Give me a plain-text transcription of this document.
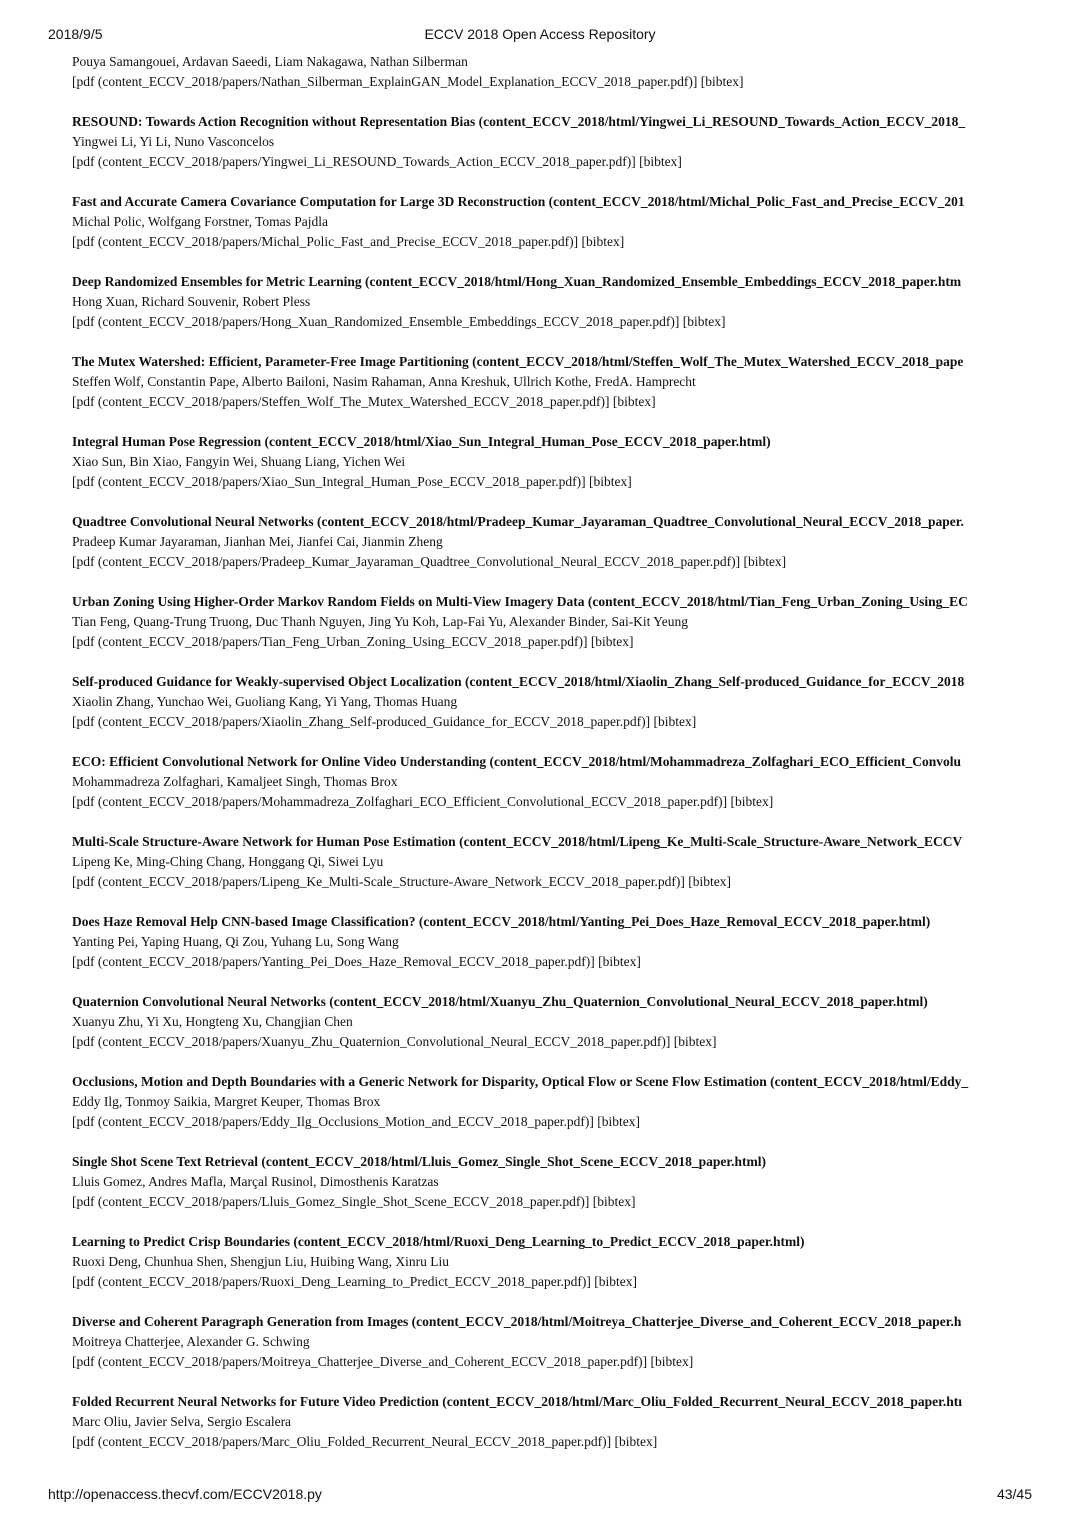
2018/9/5	ECCV 2018 Open Access Repository
Pouya Samangouei, Ardavan Saeedi, Liam Nakagawa, Nathan Silberman
[pdf (content_ECCV_2018/papers/Nathan_Silberman_ExplainGAN_Model_Explanation_ECCV_2018_paper.pdf)] [bibtex]
RESOUND: Towards Action Recognition without Representation Bias (content_ECCV_2018/html/Yingwei_Li_RESOUND_Towards_Action_ECCV_2018_
Yingwei Li, Yi Li, Nuno Vasconcelos
[pdf (content_ECCV_2018/papers/Yingwei_Li_RESOUND_Towards_Action_ECCV_2018_paper.pdf)] [bibtex]
Fast and Accurate Camera Covariance Computation for Large 3D Reconstruction (content_ECCV_2018/html/Michal_Polic_Fast_and_Precise_ECCV_201
Michal Polic, Wolfgang Forstner, Tomas Pajdla
[pdf (content_ECCV_2018/papers/Michal_Polic_Fast_and_Precise_ECCV_2018_paper.pdf)] [bibtex]
Deep Randomized Ensembles for Metric Learning (content_ECCV_2018/html/Hong_Xuan_Randomized_Ensemble_Embeddings_ECCV_2018_paper.htm
Hong Xuan, Richard Souvenir, Robert Pless
[pdf (content_ECCV_2018/papers/Hong_Xuan_Randomized_Ensemble_Embeddings_ECCV_2018_paper.pdf)] [bibtex]
The Mutex Watershed: Efficient, Parameter-Free Image Partitioning (content_ECCV_2018/html/Steffen_Wolf_The_Mutex_Watershed_ECCV_2018_pape
Steffen Wolf, Constantin Pape, Alberto Bailoni, Nasim Rahaman, Anna Kreshuk, Ullrich Kothe, FredA. Hamprecht
[pdf (content_ECCV_2018/papers/Steffen_Wolf_The_Mutex_Watershed_ECCV_2018_paper.pdf)] [bibtex]
Integral Human Pose Regression (content_ECCV_2018/html/Xiao_Sun_Integral_Human_Pose_ECCV_2018_paper.html)
Xiao Sun, Bin Xiao, Fangyin Wei, Shuang Liang, Yichen Wei
[pdf (content_ECCV_2018/papers/Xiao_Sun_Integral_Human_Pose_ECCV_2018_paper.pdf)] [bibtex]
Quadtree Convolutional Neural Networks (content_ECCV_2018/html/Pradeep_Kumar_Jayaraman_Quadtree_Convolutional_Neural_ECCV_2018_paper.
Pradeep Kumar Jayaraman, Jianhan Mei, Jianfei Cai, Jianmin Zheng
[pdf (content_ECCV_2018/papers/Pradeep_Kumar_Jayaraman_Quadtree_Convolutional_Neural_ECCV_2018_paper.pdf)] [bibtex]
Urban Zoning Using Higher-Order Markov Random Fields on Multi-View Imagery Data (content_ECCV_2018/html/Tian_Feng_Urban_Zoning_Using_EC
Tian Feng, Quang-Trung Truong, Duc Thanh Nguyen, Jing Yu Koh, Lap-Fai Yu, Alexander Binder, Sai-Kit Yeung
[pdf (content_ECCV_2018/papers/Tian_Feng_Urban_Zoning_Using_ECCV_2018_paper.pdf)] [bibtex]
Self-produced Guidance for Weakly-supervised Object Localization (content_ECCV_2018/html/Xiaolin_Zhang_Self-produced_Guidance_for_ECCV_2018
Xiaolin Zhang, Yunchao Wei, Guoliang Kang, Yi Yang, Thomas Huang
[pdf (content_ECCV_2018/papers/Xiaolin_Zhang_Self-produced_Guidance_for_ECCV_2018_paper.pdf)] [bibtex]
ECO: Efficient Convolutional Network for Online Video Understanding (content_ECCV_2018/html/Mohammadreza_Zolfaghari_ECO_Efficient_Convolu
Mohammadreza Zolfaghari, Kamaljeet Singh, Thomas Brox
[pdf (content_ECCV_2018/papers/Mohammadreza_Zolfaghari_ECO_Efficient_Convolutional_ECCV_2018_paper.pdf)] [bibtex]
Multi-Scale Structure-Aware Network for Human Pose Estimation (content_ECCV_2018/html/Lipeng_Ke_Multi-Scale_Structure-Aware_Network_ECCV
Lipeng Ke, Ming-Ching Chang, Honggang Qi, Siwei Lyu
[pdf (content_ECCV_2018/papers/Lipeng_Ke_Multi-Scale_Structure-Aware_Network_ECCV_2018_paper.pdf)] [bibtex]
Does Haze Removal Help CNN-based Image Classification? (content_ECCV_2018/html/Yanting_Pei_Does_Haze_Removal_ECCV_2018_paper.html)
Yanting Pei, Yaping Huang, Qi Zou, Yuhang Lu, Song Wang
[pdf (content_ECCV_2018/papers/Yanting_Pei_Does_Haze_Removal_ECCV_2018_paper.pdf)] [bibtex]
Quaternion Convolutional Neural Networks (content_ECCV_2018/html/Xuanyu_Zhu_Quaternion_Convolutional_Neural_ECCV_2018_paper.html)
Xuanyu Zhu, Yi Xu, Hongteng Xu, Changjian Chen
[pdf (content_ECCV_2018/papers/Xuanyu_Zhu_Quaternion_Convolutional_Neural_ECCV_2018_paper.pdf)] [bibtex]
Occlusions, Motion and Depth Boundaries with a Generic Network for Disparity, Optical Flow or Scene Flow Estimation (content_ECCV_2018/html/Eddy_
Eddy Ilg, Tonmoy Saikia, Margret Keuper, Thomas Brox
[pdf (content_ECCV_2018/papers/Eddy_Ilg_Occlusions_Motion_and_ECCV_2018_paper.pdf)] [bibtex]
Single Shot Scene Text Retrieval (content_ECCV_2018/html/Lluis_Gomez_Single_Shot_Scene_ECCV_2018_paper.html)
Lluis Gomez, Andres Mafla, Marçal Rusinol, Dimosthenis Karatzas
[pdf (content_ECCV_2018/papers/Lluis_Gomez_Single_Shot_Scene_ECCV_2018_paper.pdf)] [bibtex]
Learning to Predict Crisp Boundaries (content_ECCV_2018/html/Ruoxi_Deng_Learning_to_Predict_ECCV_2018_paper.html)
Ruoxi Deng, Chunhua Shen, Shengjun Liu, Huibing Wang, Xinru Liu
[pdf (content_ECCV_2018/papers/Ruoxi_Deng_Learning_to_Predict_ECCV_2018_paper.pdf)] [bibtex]
Diverse and Coherent Paragraph Generation from Images (content_ECCV_2018/html/Moitreya_Chatterjee_Diverse_and_Coherent_ECCV_2018_paper.h
Moitreya Chatterjee, Alexander G. Schwing
[pdf (content_ECCV_2018/papers/Moitreya_Chatterjee_Diverse_and_Coherent_ECCV_2018_paper.pdf)] [bibtex]
Folded Recurrent Neural Networks for Future Video Prediction (content_ECCV_2018/html/Marc_Oliu_Folded_Recurrent_Neural_ECCV_2018_paper.htı
Marc Oliu, Javier Selva, Sergio Escalera
[pdf (content_ECCV_2018/papers/Marc_Oliu_Folded_Recurrent_Neural_ECCV_2018_paper.pdf)] [bibtex]
http://openaccess.thecvf.com/ECCV2018.py	43/45
